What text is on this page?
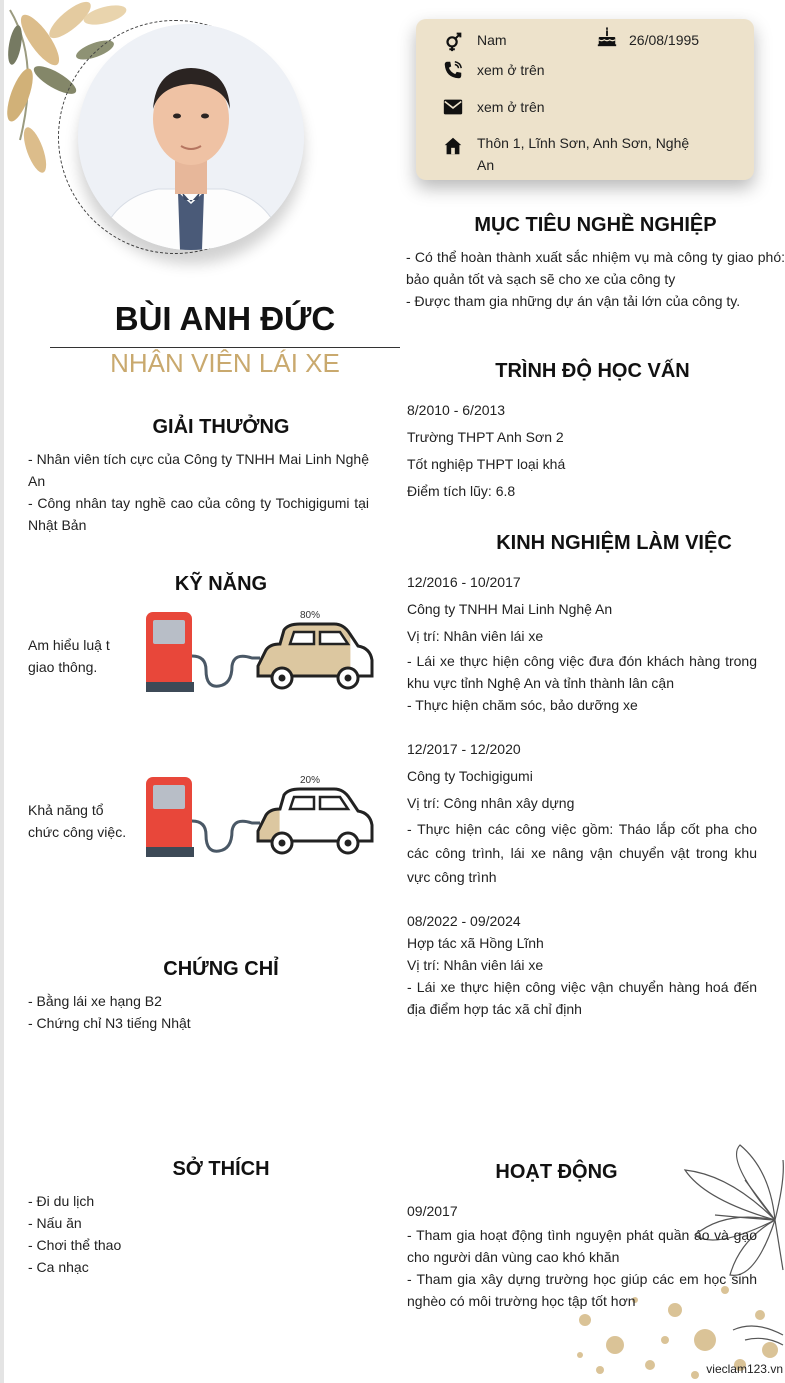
Nam	26/08/1995
xem ở trên
xem ở trên
Thôn 1, Lĩnh Sơn, Anh Sơn, Nghệ
An
BÙI ANH ĐỨC
NHÂN VIÊN LÁI XE
GIẢI THƯỞNG
- Nhân viên tích cực của Công ty TNHH Mai Linh Nghệ An
- Công nhân tay nghề cao của công ty Tochigigumi tại Nhật Bản
KỸ NĂNG
Am hiểu luậ t
giao thông.
80%
Khả năng tổ
chức công việc.
20%
CHỨNG CHỈ
- Bằng lái xe hạng B2
- Chứng chỉ N3 tiếng Nhật
SỞ THÍCH
- Đi du lịch
- Nấu ăn
- Chơi thể thao
- Ca nhạc
MỤC TIÊU NGHỀ NGHIỆP
- Có thể hoàn thành xuất sắc nhiệm vụ mà công ty giao phó: bảo quản tốt và sạch sẽ cho xe của công ty
- Được tham gia những dự án vận tải lớn của công ty.
TRÌNH ĐỘ HỌC VẤN
8/2010 - 6/2013
Trường THPT Anh Sơn 2
Tốt nghiệp THPT loại khá
Điểm tích lũy: 6.8
KINH NGHIỆM LÀM VIỆC
12/2016 - 10/2017
Công ty TNHH Mai Linh Nghệ An
Vị trí: Nhân viên lái xe
- Lái xe thực hiện công việc đưa đón khách hàng trong khu vực tỉnh Nghệ An và tỉnh thành lân cận
- Thực hiện chăm sóc, bảo dưỡng xe
12/2017 - 12/2020
Công ty Tochigigumi
Vị trí: Công nhân xây dựng
- Thực hiện các công việc gồm: Tháo lắp cốt pha cho các công trình, lái xe nâng vận chuyển vật trong khu vực công trình
08/2022 - 09/2024
Hợp tác xã Hồng Lĩnh
Vị trí: Nhân viên lái xe
- Lái xe thực hiện công việc vận chuyển hàng hoá đến địa điểm hợp tác xã chỉ định
HOẠT ĐỘNG
09/2017
- Tham gia hoạt động tình nguyện phát quần áo và gạo cho người dân vùng cao khó khăn
- Tham gia xây dựng trường học giúp các em học sinh nghèo có môi trường học tập tốt hơn
vieclam123.vn
